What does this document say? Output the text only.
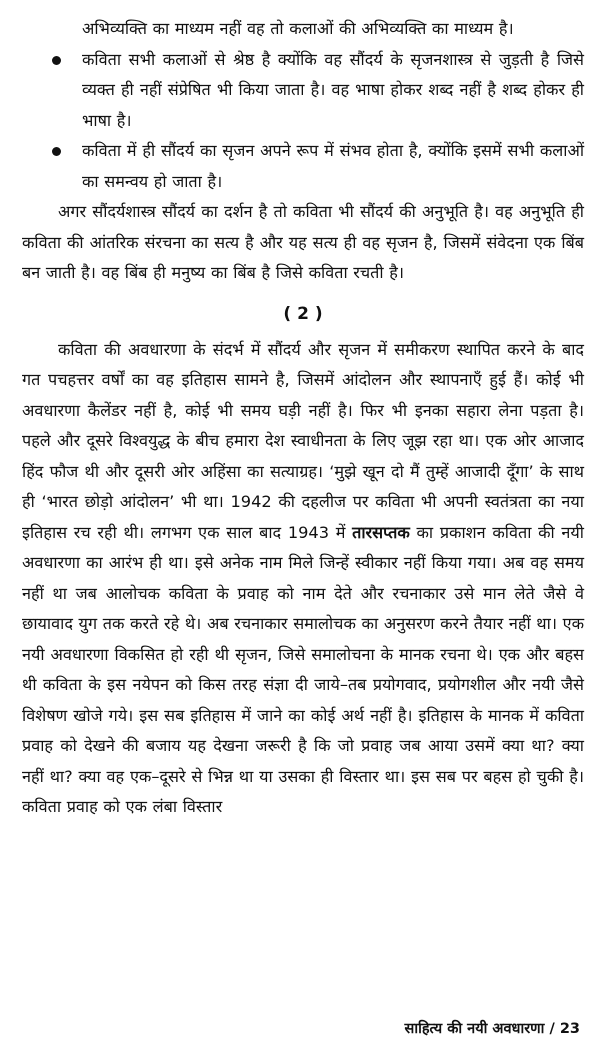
अभिव्यक्ति का माध्यम नहीं वह तो कलाओं की अभिव्यक्ति का माध्यम है।

कविता सभी कलाओं से श्रेष्ठ है क्योंकि वह सौंदर्य के सृजनशास्त्र से जुड़ती है जिसे व्यक्त ही नहीं संप्रेषित भी किया जाता है। वह भाषा होकर शब्द नहीं है शब्द होकर ही भाषा है।
कविता में ही सौंदर्य का सृजन अपने रूप में संभव होता है, क्योंकि इसमें सभी कलाओं का समन्वय हो जाता है।

अगर सौंदर्यशास्त्र सौंदर्य का दर्शन है तो कविता भी सौंदर्य की अनुभूति है। वह अनुभूति ही कविता की आंतरिक संरचना का सत्य है और यह सत्य ही वह सृजन है, जिसमें संवेदना एक बिंब बन जाती है। वह बिंब ही मनुष्य का बिंब है जिसे कविता रचती है।

( 2 )

कविता की अवधारणा के संदर्भ में सौंदर्य और सृजन में समीकरण स्थापित करने के बाद गत पचहत्तर वर्षों का वह इतिहास सामने है, जिसमें आंदोलन और स्थापनाएँ हुई हैं। कोई भी अवधारणा कैलेंडर नहीं है, कोई भी समय घड़ी नहीं है। फिर भी इनका सहारा लेना पड़ता है। पहले और दूसरे विश्वयुद्ध के बीच हमारा देश स्वाधीनता के लिए जूझ रहा था। एक ओर आजाद हिंद फौज थी और दूसरी ओर अहिंसा का सत्याग्रह। ‘मुझे खून दो मैं तुम्हें आजादी दूँगा’ के साथ ही ‘भारत छोड़ो आंदोलन’ भी था। 1942 की दहलीज पर कविता भी अपनी स्वतंत्रता का नया इतिहास रच रही थी। लगभग एक साल बाद 1943 में तारसप्तक का प्रकाशन कविता की नयी अवधारणा का आरंभ ही था। इसे अनेक नाम मिले जिन्हें स्वीकार नहीं किया गया। अब वह समय नहीं था जब आलोचक कविता के प्रवाह को नाम देते और रचनाकार उसे मान लेते जैसे वे छायावाद युग तक करते रहे थे। अब रचनाकार समालोचक का अनुसरण करने तैयार नहीं था। एक नयी अवधारणा विकसित हो रही थी सृजन, जिसे समालोचना के मानक रचना थे। एक और बहस थी कविता के इस नयेपन को किस तरह संज्ञा दी जाये–तब प्रयोगवाद, प्रयोगशील और नयी जैसे विशेषण खोजे गये। इस सब इतिहास में जाने का कोई अर्थ नहीं है। इतिहास के मानक में कविता प्रवाह को देखने की बजाय यह देखना जरूरी है कि जो प्रवाह जब आया उसमें क्या था? क्या नहीं था? क्या वह एक–दूसरे से भिन्न था या उसका ही विस्तार था। इस सब पर बहस हो चुकी है। कविता प्रवाह को एक लंबा विस्तार

साहित्य की नयी अवधारणा / 23
